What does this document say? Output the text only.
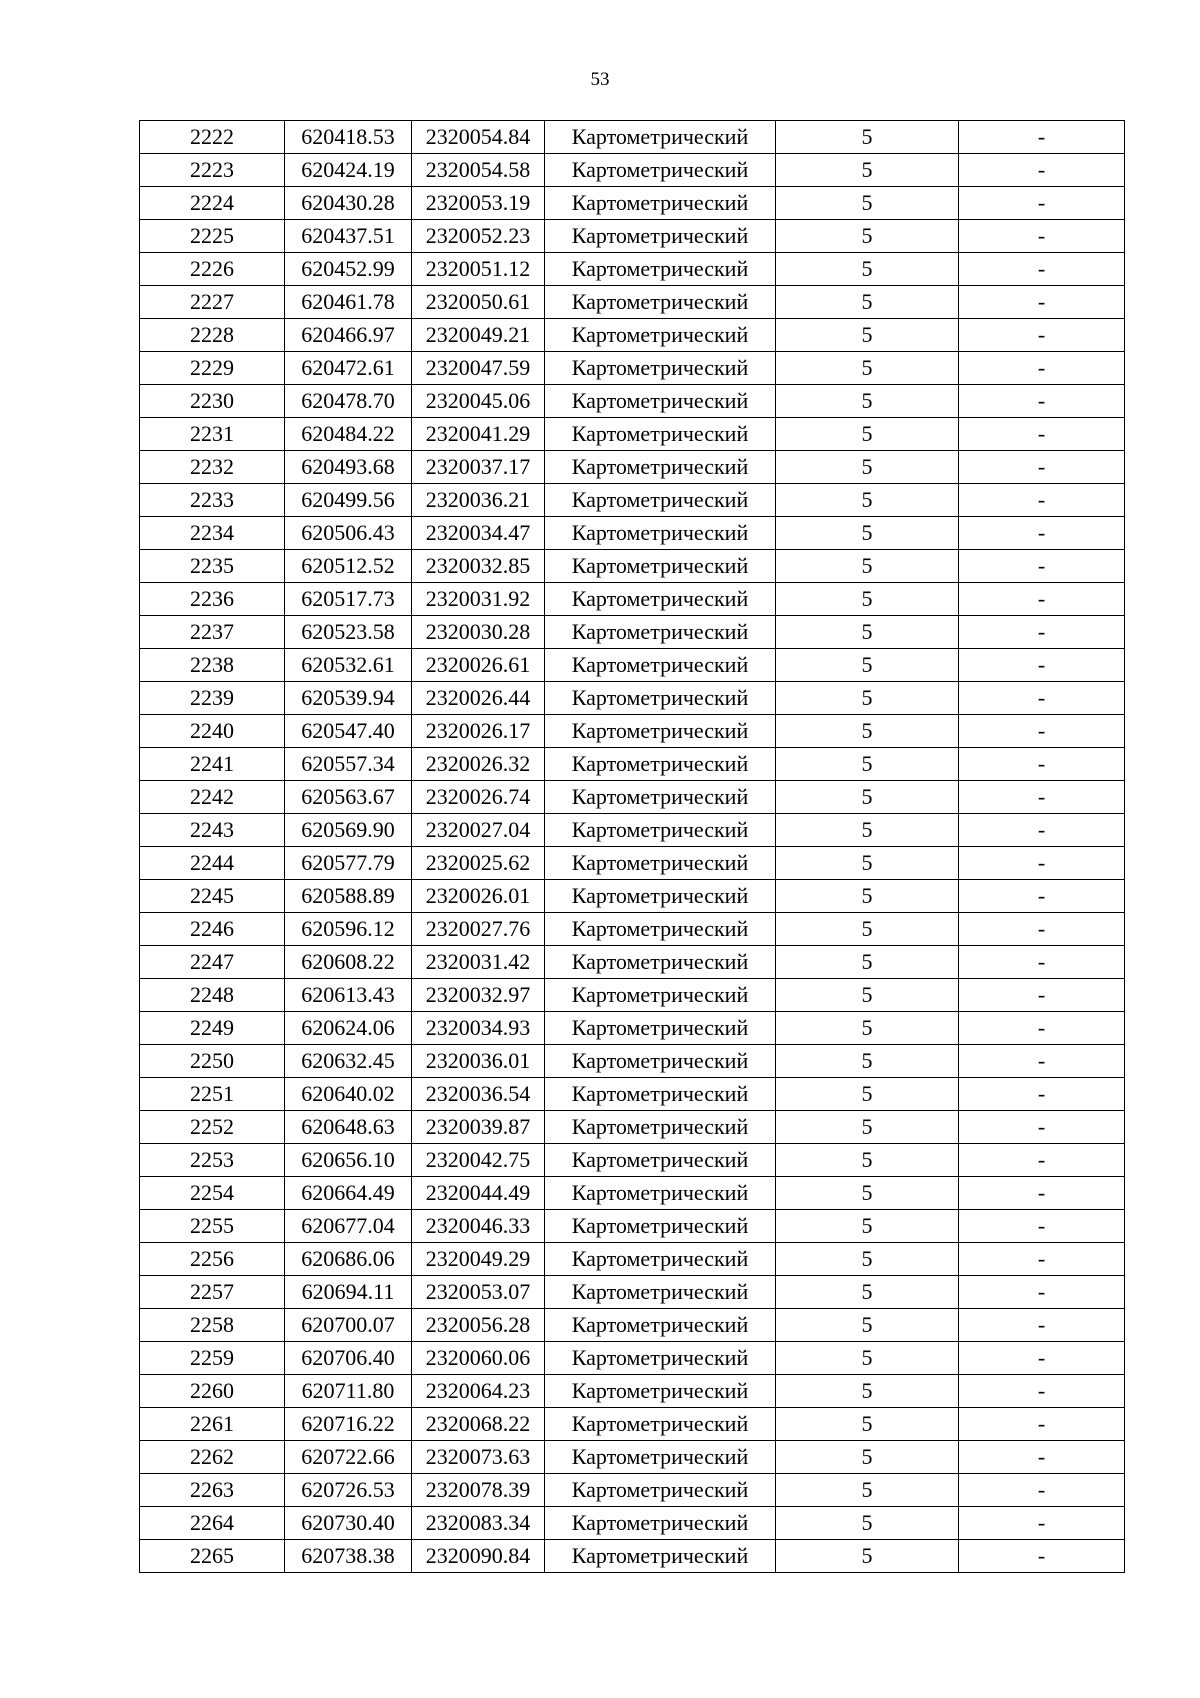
53
2222	620418.53	2320054.84	Картометрический	5	-
2223	620424.19	2320054.58	Картометрический	5	-
2224	620430.28	2320053.19	Картометрический	5	-
2225	620437.51	2320052.23	Картометрический	5	-
2226	620452.99	2320051.12	Картометрический	5	-
2227	620461.78	2320050.61	Картометрический	5	-
2228	620466.97	2320049.21	Картометрический	5	-
2229	620472.61	2320047.59	Картометрический	5	-
2230	620478.70	2320045.06	Картометрический	5	-
2231	620484.22	2320041.29	Картометрический	5	-
2232	620493.68	2320037.17	Картометрический	5	-
2233	620499.56	2320036.21	Картометрический	5	-
2234	620506.43	2320034.47	Картометрический	5	-
2235	620512.52	2320032.85	Картометрический	5	-
2236	620517.73	2320031.92	Картометрический	5	-
2237	620523.58	2320030.28	Картометрический	5	-
2238	620532.61	2320026.61	Картометрический	5	-
2239	620539.94	2320026.44	Картометрический	5	-
2240	620547.40	2320026.17	Картометрический	5	-
2241	620557.34	2320026.32	Картометрический	5	-
2242	620563.67	2320026.74	Картометрический	5	-
2243	620569.90	2320027.04	Картометрический	5	-
2244	620577.79	2320025.62	Картометрический	5	-
2245	620588.89	2320026.01	Картометрический	5	-
2246	620596.12	2320027.76	Картометрический	5	-
2247	620608.22	2320031.42	Картометрический	5	-
2248	620613.43	2320032.97	Картометрический	5	-
2249	620624.06	2320034.93	Картометрический	5	-
2250	620632.45	2320036.01	Картометрический	5	-
2251	620640.02	2320036.54	Картометрический	5	-
2252	620648.63	2320039.87	Картометрический	5	-
2253	620656.10	2320042.75	Картометрический	5	-
2254	620664.49	2320044.49	Картометрический	5	-
2255	620677.04	2320046.33	Картометрический	5	-
2256	620686.06	2320049.29	Картометрический	5	-
2257	620694.11	2320053.07	Картометрический	5	-
2258	620700.07	2320056.28	Картометрический	5	-
2259	620706.40	2320060.06	Картометрический	5	-
2260	620711.80	2320064.23	Картометрический	5	-
2261	620716.22	2320068.22	Картометрический	5	-
2262	620722.66	2320073.63	Картометрический	5	-
2263	620726.53	2320078.39	Картометрический	5	-
2264	620730.40	2320083.34	Картометрический	5	-
2265	620738.38	2320090.84	Картометрический	5	-
